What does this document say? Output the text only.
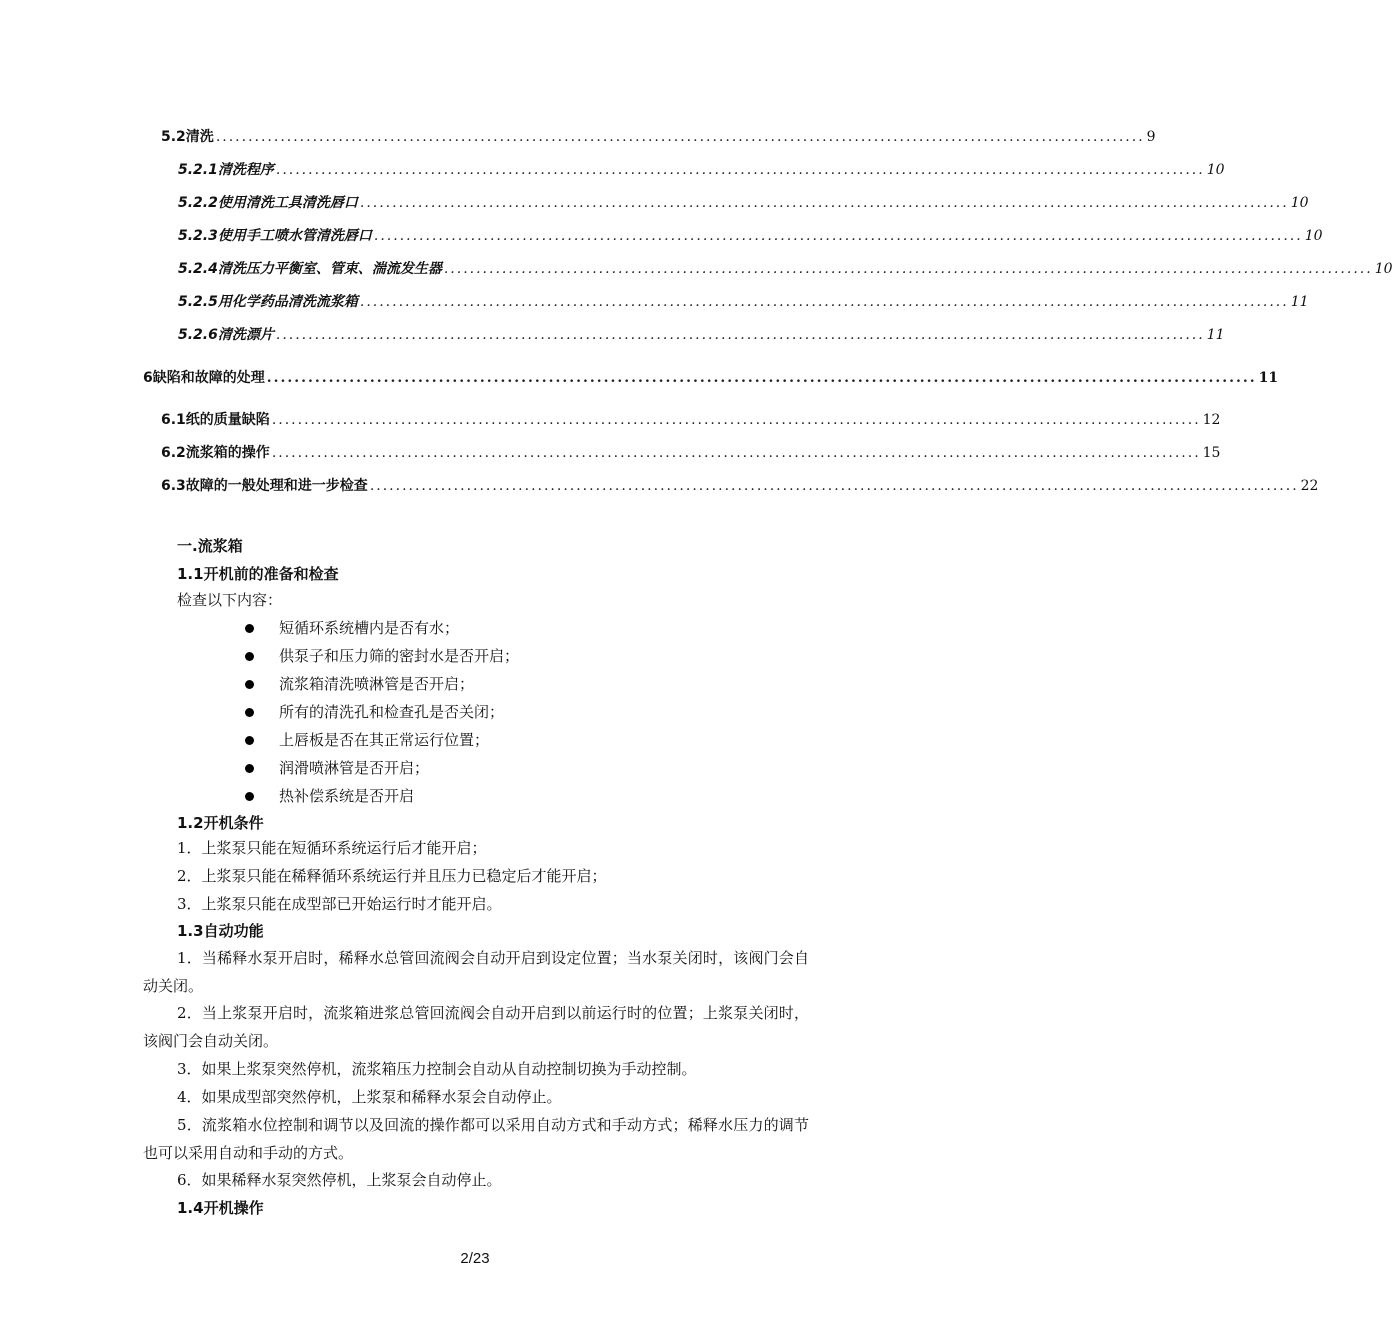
5.2清洗 ................................................................................................................................................ 9
5.2.1清洗程序 ................................................................................................................................................ 10
5.2.2使用清洗工具清洗唇口 ................................................................................................................................................ 10
5.2.3使用手工喷水管清洗唇口 ................................................................................................................................................ 10
5.2.4清洗压力平衡室、管束、湍流发生器 ................................................................................................................................................ 10
5.2.5用化学药品清洗流浆箱 ................................................................................................................................................ 11
5.2.6清洗漂片 ................................................................................................................................................ 11
6缺陷和故障的处理 ................................................................................................................................................ 11
6.1纸的质量缺陷 ................................................................................................................................................ 12
6.2流浆箱的操作 ................................................................................................................................................ 15
6.3故障的一般处理和进一步检查 ................................................................................................................................................ 22
一.流浆箱
1.1开机前的准备和检查
检查以下内容：
短循环系统槽内是否有水；
供泵子和压力筛的密封水是否开启；
流浆箱清洗喷淋管是否开启；
所有的清洗孔和检查孔是否关闭；
上唇板是否在其正常运行位置；
润滑喷淋管是否开启；
热补偿系统是否开启
1.2开机条件
1．上浆泵只能在短循环系统运行后才能开启；
2．上浆泵只能在稀释循环系统运行并且压力已稳定后才能开启；
3．上浆泵只能在成型部已开始运行时才能开启。
1.3自动功能
1．当稀释水泵开启时，稀释水总管回流阀会自动开启到设定位置；当水泵关闭时，该阀门会自动关闭。
2．当上浆泵开启时，流浆箱进浆总管回流阀会自动开启到以前运行时的位置；上浆泵关闭时，该阀门会自动关闭。
3．如果上浆泵突然停机，流浆箱压力控制会自动从自动控制切换为手动控制。
4．如果成型部突然停机，上浆泵和稀释水泵会自动停止。
5．流浆箱水位控制和调节以及回流的操作都可以采用自动方式和手动方式；稀释水压力的调节也可以采用自动和手动的方式。
6．如果稀释水泵突然停机，上浆泵会自动停止。
1.4开机操作
2/23
